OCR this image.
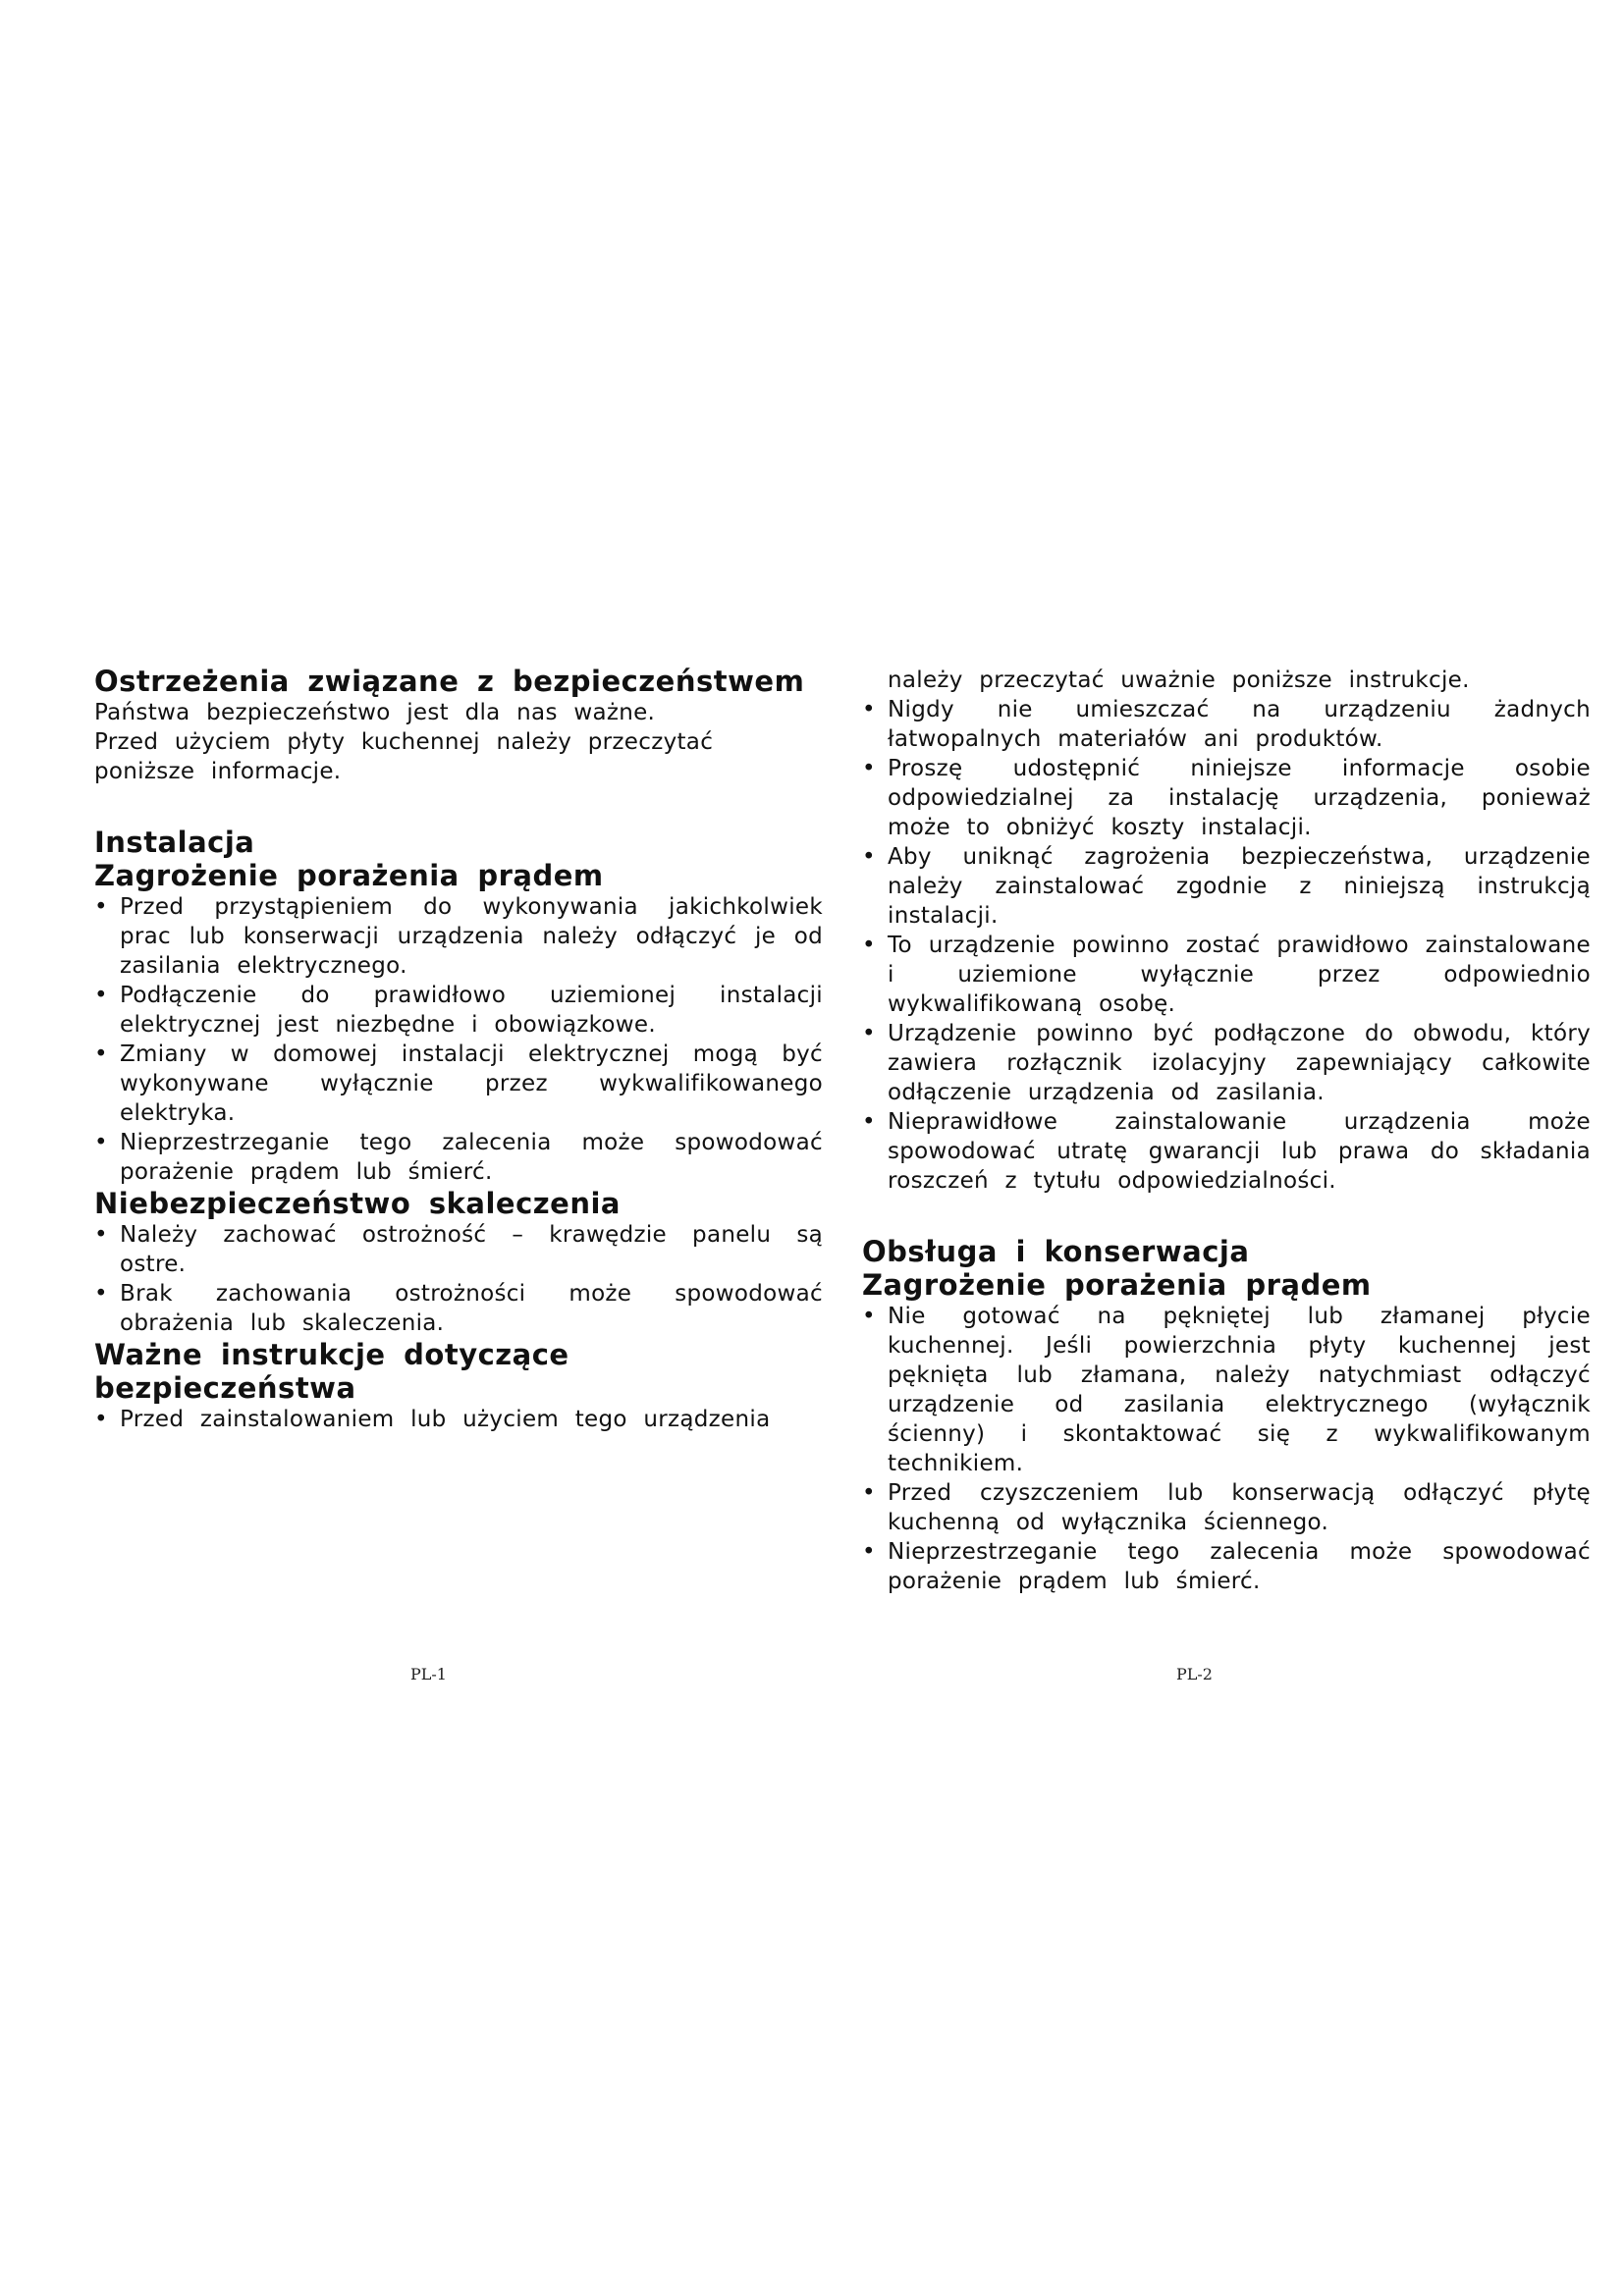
Ostrzeżenia związane z bezpieczeństwem

Państwa bezpieczeństwo jest dla nas ważne.

Przed użyciem płyty kuchennej należy przeczytać

poniższe informacje.

Instalacja
Zagrożenie porażenia prądem
• Przed przystąpieniem do wykonywania jakichkolwiek prac lub konserwacji urządzenia należy odłączyć je od zasilania elektrycznego.
• Podłączenie do prawidłowo uziemionej instalacji elektrycznej jest niezbędne i obowiązkowe.
• Zmiany w domowej instalacji elektrycznej mogą być wykonywane wyłącznie przez wykwalifikowanego elektryka.
• Nieprzestrzeganie tego zalecenia może spowodować porażenie prądem lub śmierć.
Niebezpieczeństwo skaleczenia
• Należy zachować ostrożność – krawędzie panelu są ostre.
• Brak zachowania ostrożności może spowodować obrażenia lub skaleczenia.
Ważne instrukcje dotyczące
bezpieczeństwa
• Przed zainstalowaniem lub użyciem tego urządzenia

należy przeczytać uważnie poniższe instrukcje.

• Nigdy nie umieszczać na urządzeniu żadnych łatwopalnych materiałów ani produktów.
• Proszę udostępnić niniejsze informacje osobie odpowiedzialnej za instalację urządzenia, ponieważ może to obniżyć koszty instalacji.
• Aby uniknąć zagrożenia bezpieczeństwa, urządzenie należy zainstalować zgodnie z niniejszą instrukcją instalacji.
• To urządzenie powinno zostać prawidłowo zainstalowane i uziemione wyłącznie przez odpowiednio wykwalifikowaną osobę.
• Urządzenie powinno być podłączone do obwodu, który zawiera rozłącznik izolacyjny zapewniający całkowite odłączenie urządzenia od zasilania.
• Nieprawidłowe zainstalowanie urządzenia może spowodować utratę gwarancji lub prawa do składania roszczeń z tytułu odpowiedzialności.
Obsługa i konserwacja
Zagrożenie porażenia prądem
• Nie gotować na pękniętej lub złamanej płycie kuchennej. Jeśli powierzchnia płyty kuchennej jest pęknięta lub złamana, należy natychmiast odłączyć urządzenie od zasilania elektrycznego (wyłącznik ścienny) i skontaktować się z wykwalifikowanym technikiem.
• Przed czyszczeniem lub konserwacją odłączyć płytę kuchenną od wyłącznika ściennego.
• Nieprzestrzeganie tego zalecenia może spowodować porażenie prądem lub śmierć.
PL-1	PL-2
